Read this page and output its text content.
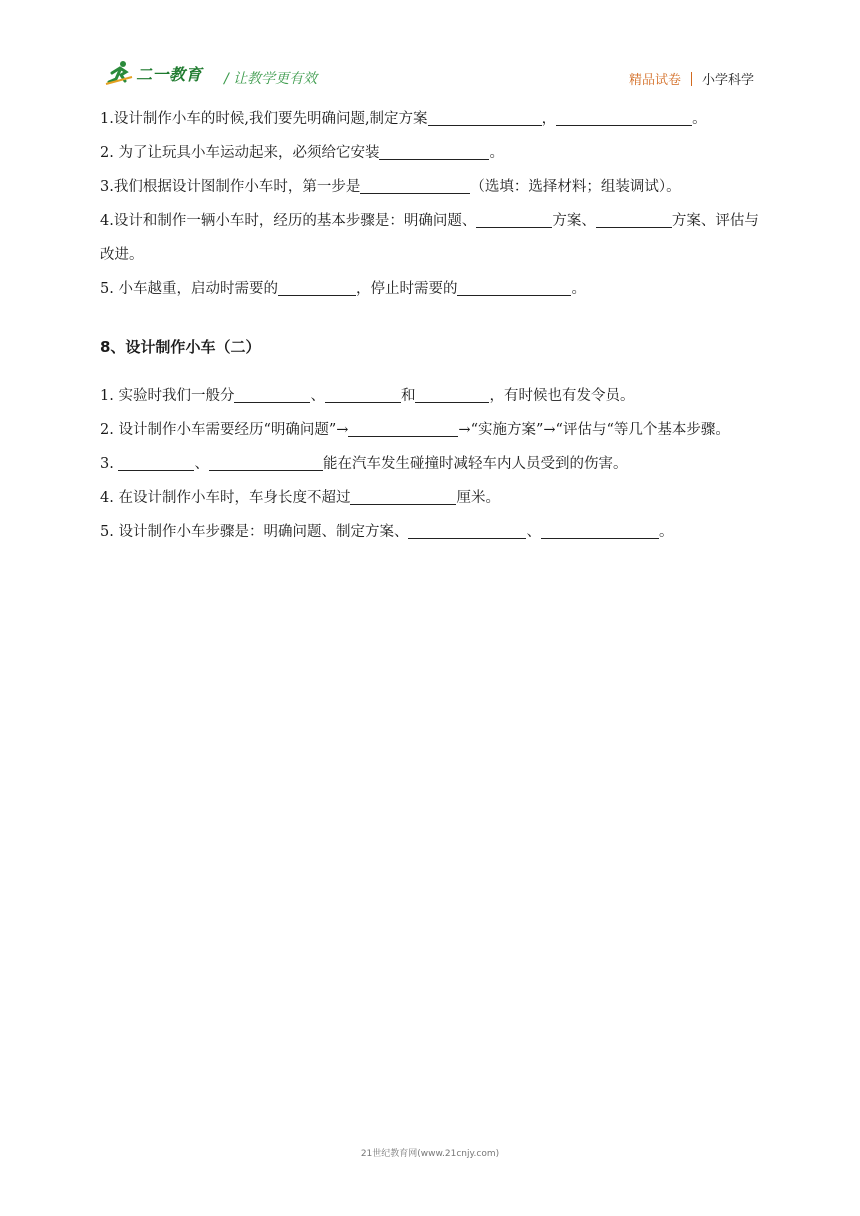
二一教育 / 让教学更有效	精品试卷 小学科学
1.设计制作小车的时候,我们要先明确问题,制定方案	，	。
2. 为了让玩具小车运动起来，必须给它安装	。
3.我们根据设计图制作小车时，第一步是	（选填：选择材料；组装调试）。
4.设计和制作一辆小车时，经历的基本步骤是：明确问题、	方案、	方案、评估与改进。
5. 小车越重，启动时需要的	，停止时需要的	。
8、设计制作小车（二）
1. 实验时我们一般分	、	和	，有时候也有发令员。
2. 设计制作小车需要经历“明确问题”→	→“实施方案”→“评估与“等几个基本步骤。
3.	、	能在汽车发生碰撞时减轻车内人员受到的伤害。
4. 在设计制作小车时，车身长度不超过	厘米。
5. 设计制作小车步骤是：明确问题、制定方案、	、	。
21世纪教育网(www.21cnjy.com)
